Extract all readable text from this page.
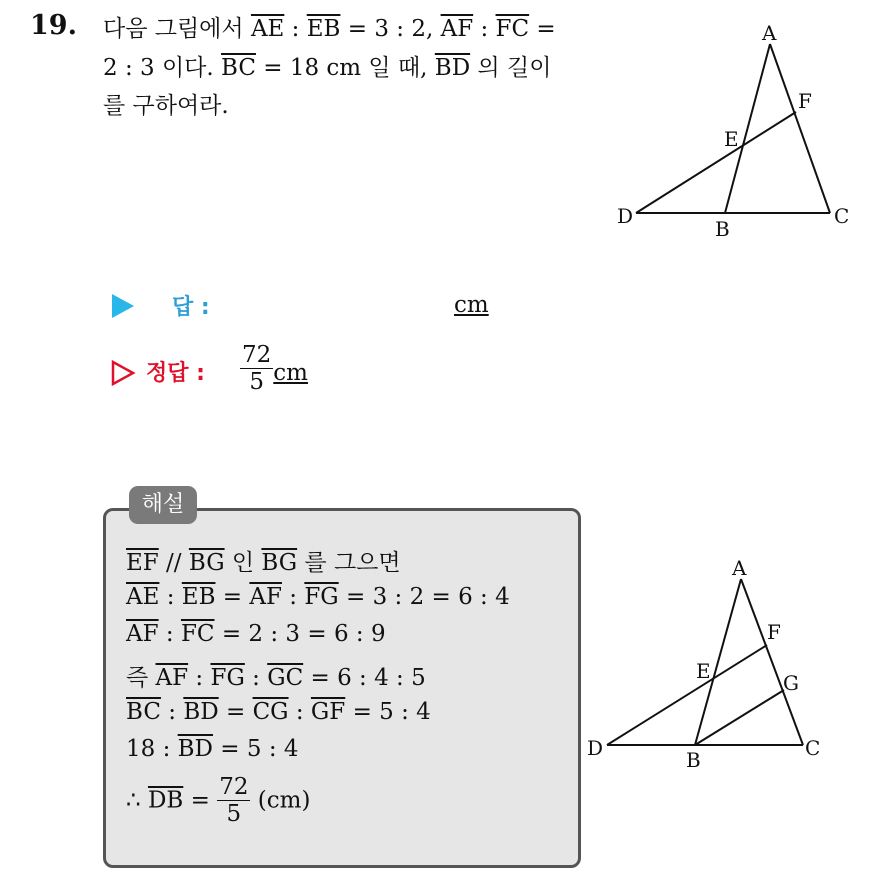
19. 다음 그림에서 $\overline{AE}$ : $\overline{EB} = 3$ : 2, $\overline{AF}$ : $\overline{FC}$ =
2 : 3 이다. $\overline{BC} = 18$ cm 일 때, $\overline{BD}$ 의 길이
를 구하여라.
A
F
E
D
B
C
답 :	cm
정답 : $\frac{72}{5}$ cm
해설
$\overline{EF} // \overline{BG}$ 인 $\overline{BG}$ 를 그으면
$\overline{AE}$ : $\overline{EB} = \overline{AF}$ : $\overline{FG} = 3$ : 2 = 6 : 4
$\overline{AF}$ : $\overline{FC} = 2$ : 3 = 6 : 9
즉 $\overline{AF}$ : $\overline{FG}$ : $\overline{GC} = 6$ : 4 : 5
$\overline{BC}$ : $\overline{BD} = \overline{CG}$ : $\overline{GF} = 5$ : 4
18 : $\overline{BD} = 5$ : 4
∴ $\overline{DB} = \frac{72}{5} (cm)$
A
F
E	G
D	B	C
